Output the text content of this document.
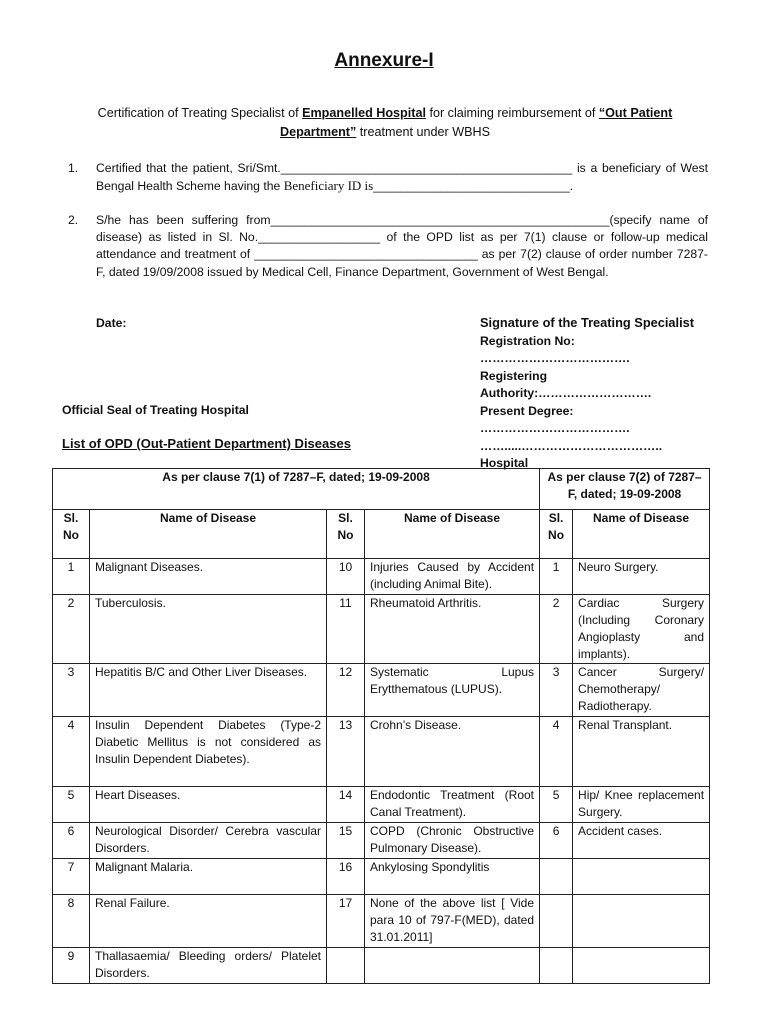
Annexure-I
Certification of Treating Specialist of Empanelled Hospital for claiming reimbursement of “Out Patient Department” treatment under WBHS
1.	Certified that the patient, Sri/Smt.___________________________________________ is a beneficiary of West Bengal Health Scheme having the Beneficiary ID is_____________________________.
2.	S/he has been suffering from__________________________________________________(specify name of disease) as listed in Sl. No.__________________ of the OPD list as per 7(1) clause or follow-up medical attendance and treatment of _________________________________ as per 7(2) clause of order number 7287-F, dated 19/09/2008 issued by Medical Cell, Finance Department, Government of West Bengal.
Date:	Signature of the Treating Specialist
Registration No: ……………………………….
Registering Authority:……………………….
Present Degree: ……………………………….
…….....…………………………….. Hospital
Official Seal of Treating Hospital
List of OPD (Out-Patient Department) Diseases
As per clause 7(1) of 7287–F, dated; 19-09-2008				As per clause 7(2) of 7287–F, dated; 19-09-2008	
Sl. No	Name of Disease	Sl. No	Name of Disease	Sl. No	Name of Disease
1	Malignant Diseases.	10	Injuries Caused by Accident (including Animal Bite).	1	Neuro Surgery.
2	Tuberculosis.	11	Rheumatoid Arthritis.	2	Cardiac Surgery (Including Coronary Angioplasty and implants).
3	Hepatitis B/C and Other Liver Diseases.	12	Systematic Lupus Erytthematous (LUPUS).	3	Cancer Surgery/ Chemotherapy/ Radiotherapy.
4	Insulin Dependent Diabetes (Type-2 Diabetic Mellitus is not considered as Insulin Dependent Diabetes).	13	Crohn’s Disease.	4	Renal Transplant.
5	Heart Diseases.	14	Endodontic Treatment (Root Canal Treatment).	5	Hip/ Knee replacement Surgery.
6	Neurological Disorder/ Cerebra vascular Disorders.	15	COPD (Chronic Obstructive Pulmonary Disease).	6	Accident cases.
7	Malignant Malaria.	16	Ankylosing Spondylitis		
8	Renal Failure.	17	None of the above list [ Vide para 10 of 797-F(MED), dated 31.01.2011]		
9	Thallasaemia/ Bleeding orders/ Platelet Disorders.				
